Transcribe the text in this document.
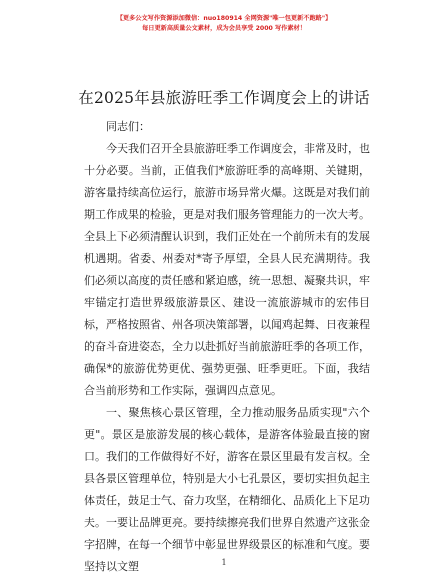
【更多公文写作资源添加微信：nuo180914 全网资源"唯一包更新不跑路"】
每日更新高质量公文素材，成为会员享受 2000 写作素材！
在2025年县旅游旺季工作调度会上的讲话

同志们：

今天我们召开全县旅游旺季工作调度会，非常及时，也十分必要。当前，正值我们*旅游旺季的高峰期、关键期，游客量持续高位运行，旅游市场异常火爆。这既是对我们前期工作成果的检验，更是对我们服务管理能力的一次大考。全县上下必须清醒认识到，我们正处在一个前所未有的发展机遇期。省委、州委对*寄予厚望，全县人民充满期待。我们必须以高度的责任感和紧迫感，统一思想、凝聚共识，牢牢锚定打造世界级旅游景区、建设一流旅游城市的宏伟目标，严格按照省、州各项决策部署，以闻鸡起舞、日夜兼程的奋斗奋进姿态，全力以赴抓好当前旅游旺季的各项工作，确保*的旅游优势更优、强势更强、旺季更旺。下面，我结合当前形势和工作实际，强调四点意见。

一、聚焦核心景区管理，全力推动服务品质实现"六个更"。景区是旅游发展的核心载体，是游客体验最直接的窗口。我们的工作做得好不好，游客在景区里最有发言权。全县各景区管理单位，特别是大小七孔景区，要切实担负起主体责任，鼓足士气、奋力攻坚，在精细化、品质化上下足功夫。一要让品牌更亮。要持续擦亮我们世界自然遗产这张金字招牌，在每一个细节中彰显世界级景区的标准和气度。要坚持以文塑	1
